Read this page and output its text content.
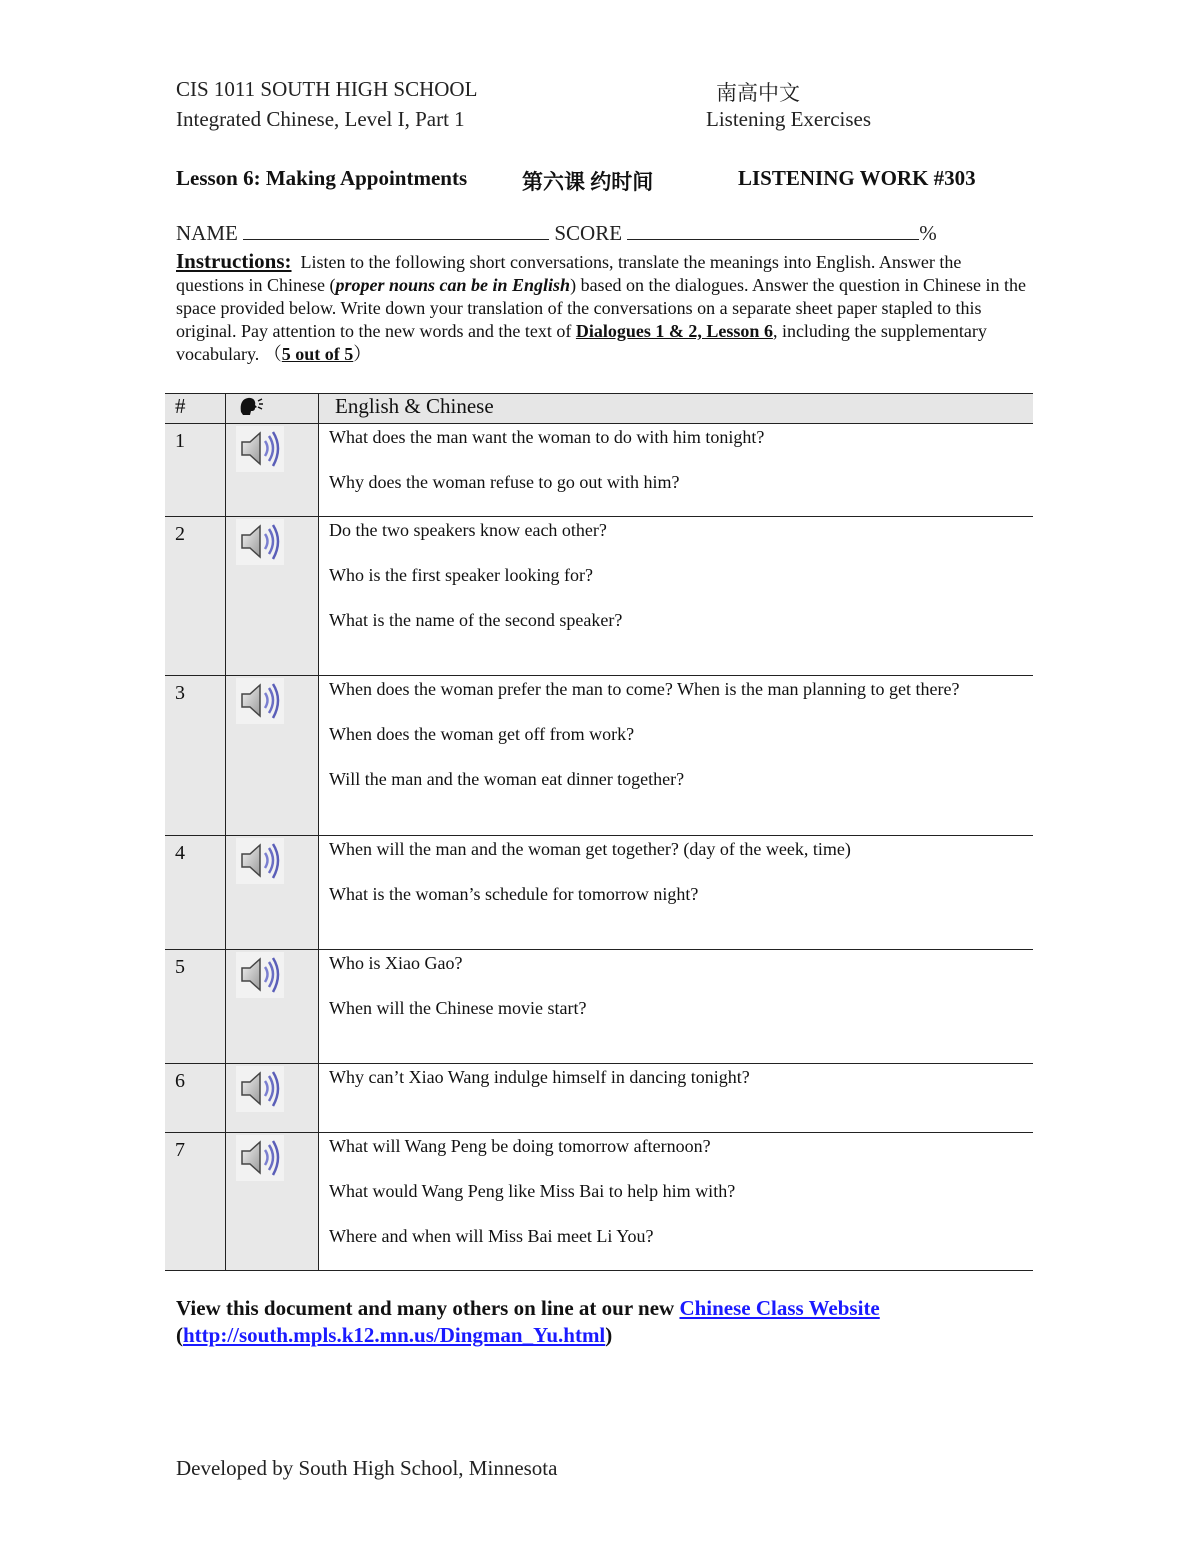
CIS 1011 SOUTH HIGH SCHOOL	南高中文
Integrated Chinese, Level I, Part 1	Listening Exercises
Lesson 6: Making Appointments	第六课 约时间	LISTENING WORK #303
NAME	SCORE	%
Instructions: Listen to the following short conversations, translate the meanings into English. Answer the questions in Chinese (proper nouns can be in English) based on the dialogues. Answer the question in Chinese in the space provided below. Write down your translation of the conversations on a separate sheet paper stapled to this original. Pay attention to the new words and the text of Dialogues 1 & 2, Lesson 6, including the supplementary vocabulary. （5 out of 5）
#		English & Chinese
1		What does the man want the woman to do with him tonight?
Why does the woman refuse to go out with him?

2		Do the two speakers know each other?
Who is the first speaker looking for?
What is the name of the second speaker?

3		When does the woman prefer the man to come? When is the man planning to get there?
When does the woman get off from work?
Will the man and the woman eat dinner together?

4		When will the man and the woman get together? (day of the week, time)
What is the woman’s schedule for tomorrow night?

5		Who is Xiao Gao?
When will the Chinese movie start?

6		Why can’t Xiao Wang indulge himself in dancing tonight?

7		What will Wang Peng be doing tomorrow afternoon?
What would Wang Peng like Miss Bai to help him with?
Where and when will Miss Bai meet Li You?
View this document and many others on line at our new Chinese Class Website
(http://south.mpls.k12.mn.us/Dingman_Yu.html)
Developed by South High School, Minnesota
